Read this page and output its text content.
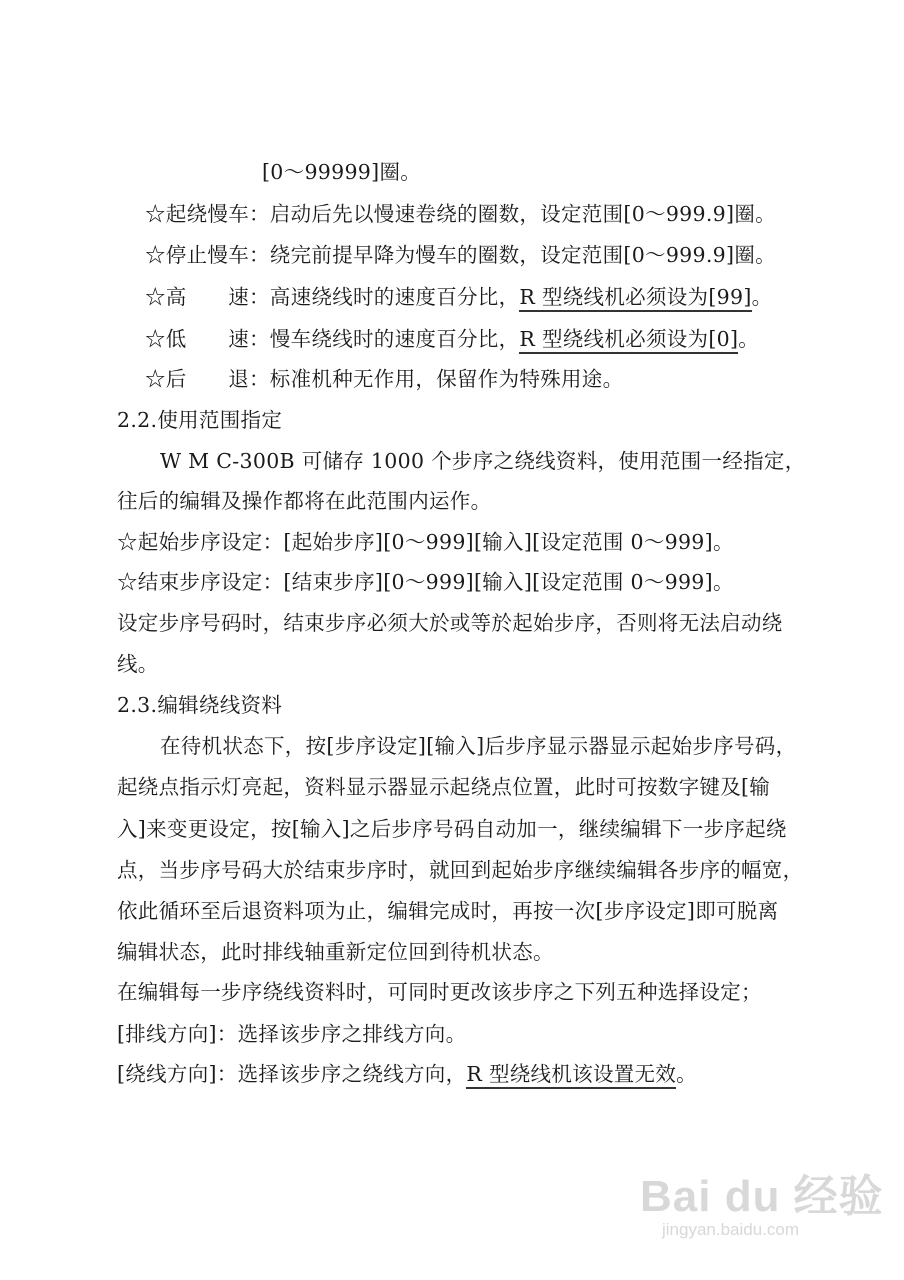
[0～99999]圈。
☆起绕慢车：启动后先以慢速卷绕的圈数，设定范围[0～999.9]圈。
☆停止慢车：绕完前提早降为慢车的圈数，设定范围[0～999.9]圈。
☆高　　速：高速绕线时的速度百分比，R 型绕线机必须设为[99]。
☆低　　速：慢车绕线时的速度百分比，R 型绕线机必须设为[0]。
☆后　　退：标准机种无作用，保留作为特殊用途。
2.2.使用范围指定
W M C-300B 可储存 1000 个步序之绕线资料，使用范围一经指定，
往后的编辑及操作都将在此范围内运作。
☆起始步序设定：[起始步序][0～999][输入][设定范围 0～999]。
☆结束步序设定：[结束步序][0～999][输入][设定范围 0～999]。
设定步序号码时，结束步序必须大於或等於起始步序，否则将无法启动绕
线。
2.3.编辑绕线资料
在待机状态下，按[步序设定][输入]后步序显示器显示起始步序号码，
起绕点指示灯亮起，资料显示器显示起绕点位置，此时可按数字键及[输
入]来变更设定，按[输入]之后步序号码自动加一，继续编辑下一步序起绕
点，当步序号码大於结束步序时，就回到起始步序继续编辑各步序的幅宽，
依此循环至后退资料项为止，编辑完成时，再按一次[步序设定]即可脱离
编辑状态，此时排线轴重新定位回到待机状态。
在编辑每一步序绕线资料时，可同时更改该步序之下列五种选择设定；
[排线方向]：选择该步序之排线方向。
[绕线方向]：选择该步序之绕线方向，R 型绕线机该设置无效。
Bai du 经验
jingyan.baidu.com
